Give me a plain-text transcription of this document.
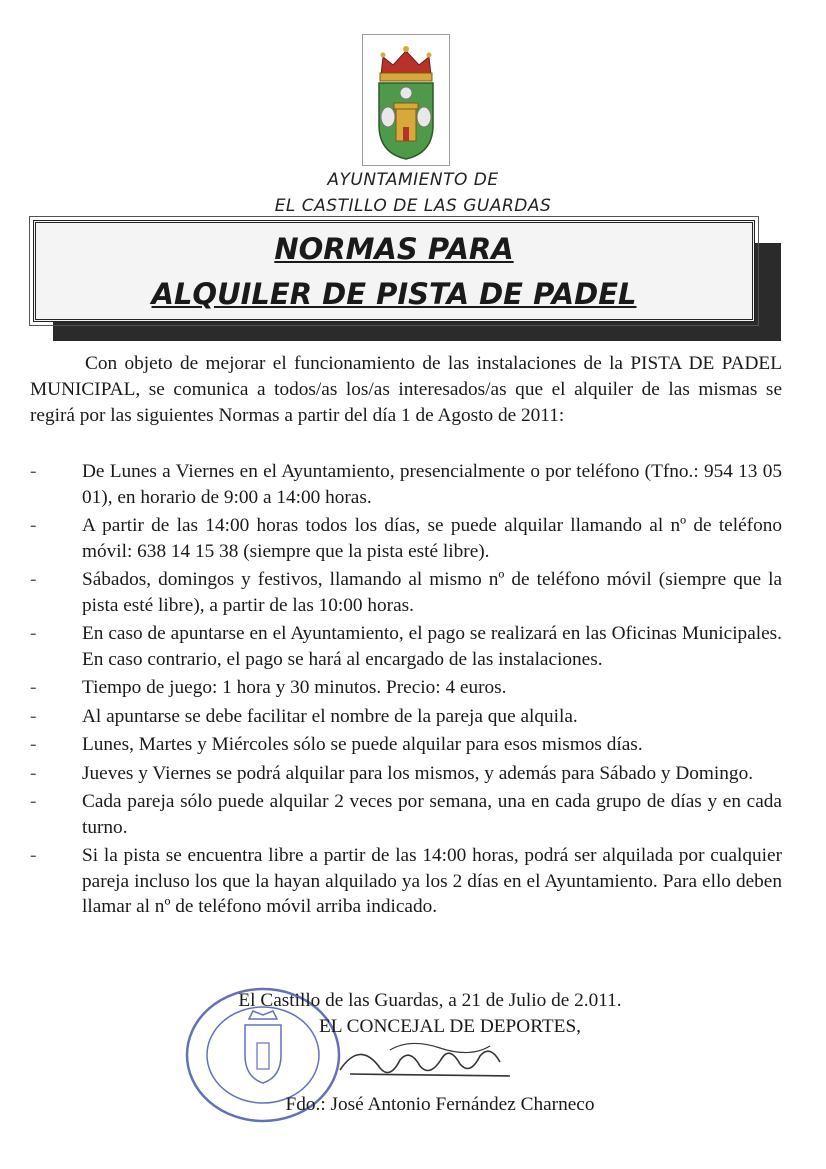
AYUNTAMIENTO DE
EL CASTILLO DE LAS GUARDAS
NORMAS PARA
ALQUILER DE PISTA DE PADEL

Con objeto de mejorar el funcionamiento de las instalaciones de la PISTA DE PADEL MUNICIPAL, se comunica a todos/as los/as interesados/as que el alquiler de las mismas se regirá por las siguientes Normas a partir del día 1 de Agosto de 2011:

- De Lunes a Viernes en el Ayuntamiento, presencialmente o por teléfono (Tfno.: 954 13 05 01), en horario de 9:00 a 14:00 horas.
- A partir de las 14:00 horas todos los días, se puede alquilar llamando al nº de teléfono móvil: 638 14 15 38 (siempre que la pista esté libre).
- Sábados, domingos y festivos, llamando al mismo nº de teléfono móvil (siempre que la pista esté libre), a partir de las 10:00 horas.
- En caso de apuntarse en el Ayuntamiento, el pago se realizará en las Oficinas Municipales. En caso contrario, el pago se hará al encargado de las instalaciones.
- Tiempo de juego: 1 hora y 30 minutos. Precio: 4 euros.
- Al apuntarse se debe facilitar el nombre de la pareja que alquila.
- Lunes, Martes y Miércoles sólo se puede alquilar para esos mismos días.
- Jueves y Viernes se podrá alquilar para los mismos, y además para Sábado y Domingo.
- Cada pareja sólo puede alquilar 2 veces por semana, una en cada grupo de días y en cada turno.
- Si la pista se encuentra libre a partir de las 14:00 horas, podrá ser alquilada por cualquier pareja incluso los que la hayan alquilado ya los 2 días en el Ayuntamiento. Para ello deben llamar al nº de teléfono móvil arriba indicado.
El Castillo de las Guardas, a 21 de Julio de 2.011.
EL CONCEJAL DE DEPORTES,
Fdo.: José Antonio Fernández Charneco
